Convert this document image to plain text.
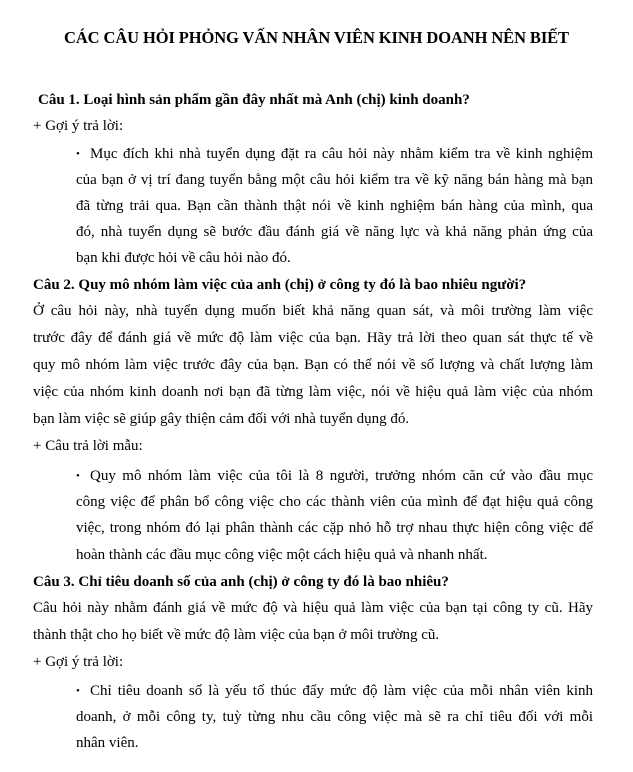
CÁC CÂU HỎI PHỎNG VẤN NHÂN VIÊN KINH DOANH NÊN BIẾT
Câu 1. Loại hình sản phẩm gần đây nhất mà Anh (chị) kinh doanh?
+ Gợi ý trả lời:
• Mục đích khi nhà tuyển dụng đặt ra câu hỏi này nhằm kiểm tra về kinh nghiệm
của bạn ở vị trí đang tuyển bằng một câu hỏi kiểm tra về kỹ năng bán hàng mà bạn
đã từng trải qua. Bạn cần thành thật nói về kinh nghiệm bán hàng của mình, qua
đó, nhà tuyển dụng sẽ bước đầu đánh giá về năng lực và khả năng phản ứng của
bạn khi được hỏi về câu hỏi nào đó.
Câu 2. Quy mô nhóm làm việc của anh (chị) ở công ty đó là bao nhiêu người?
Ở câu hỏi này, nhà tuyển dụng muốn biết khả năng quan sát, và môi trường làm việc
trước đây để đánh giá về mức độ làm việc của bạn. Hãy trả lời theo quan sát thực tế về
quy mô nhóm làm việc trước đây của bạn. Bạn có thể nói về số lượng và chất lượng làm
việc của nhóm kinh doanh nơi bạn đã từng làm việc, nói về hiệu quả làm việc của nhóm
bạn làm việc sẽ giúp gây thiện cảm đối với nhà tuyển dụng đó.
+ Câu trả lời mẫu:
• Quy mô nhóm làm việc của tôi là 8 người, trưởng nhóm căn cứ vào đầu mục
công việc để phân bổ công việc cho các thành viên của mình để đạt hiệu quả công
việc, trong nhóm đó lại phân thành các cặp nhỏ hỗ trợ nhau thực hiện công việc để
hoàn thành các đầu mục công việc một cách hiệu quả và nhanh nhất.
Câu 3. Chỉ tiêu doanh số của anh (chị) ở công ty đó là bao nhiêu?
Câu hỏi này nhằm đánh giá về mức độ và hiệu quả làm việc của bạn tại công ty cũ. Hãy
thành thật cho họ biết về mức độ làm việc của bạn ở môi trường cũ.
+ Gợi ý trả lời:
• Chỉ tiêu doanh số là yếu tố thúc đẩy mức độ làm việc của mỗi nhân viên kinh
doanh, ở mỗi công ty, tuỳ từng nhu cầu công việc mà sẽ ra chỉ tiêu đối với mỗi
nhân viên.
